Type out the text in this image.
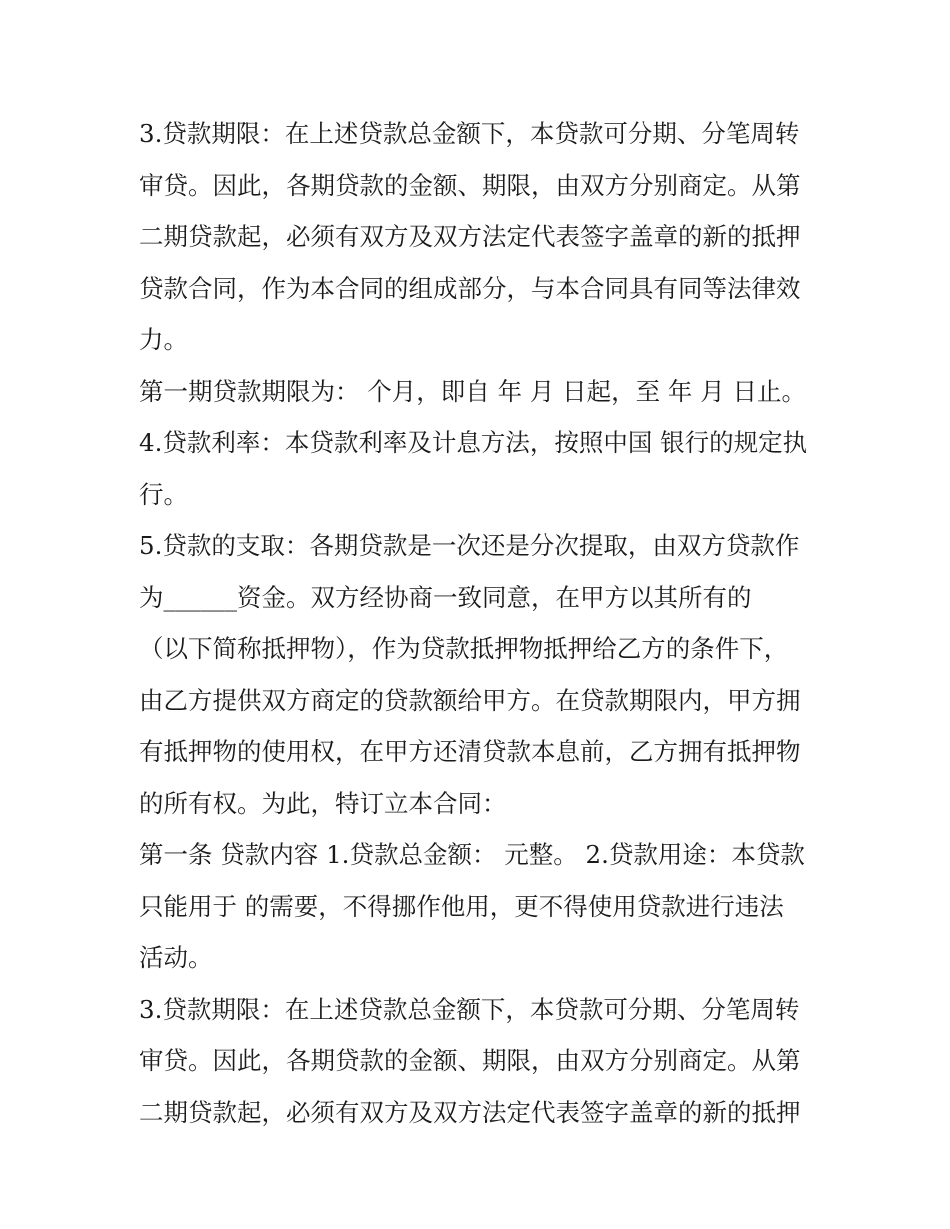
3.贷款期限：在上述贷款总金额下，本贷款可分期、分笔周转
审贷。因此，各期贷款的金额、期限，由双方分别商定。从第
二期贷款起，必须有双方及双方法定代表签字盖章的新的抵押
贷款合同，作为本合同的组成部分，与本合同具有同等法律效
力。
第一期贷款期限为： 个月，即自 年 月 日起，至 年 月 日止。
4.贷款利率：本贷款利率及计息方法，按照中国 银行的规定执
行。
5.贷款的支取：各期贷款是一次还是分次提取，由双方贷款作
为______资金。双方经协商一致同意，在甲方以其所有的
（以下简称抵押物），作为贷款抵押物抵押给乙方的条件下，
由乙方提供双方商定的贷款额给甲方。在贷款期限内，甲方拥
有抵押物的使用权，在甲方还清贷款本息前，乙方拥有抵押物
的所有权。为此，特订立本合同：
第一条 贷款内容 1.贷款总金额： 元整。 2.贷款用途：本贷款
只能用于 的需要，不得挪作他用，更不得使用贷款进行违法
活动。
3.贷款期限：在上述贷款总金额下，本贷款可分期、分笔周转
审贷。因此，各期贷款的金额、期限，由双方分别商定。从第
二期贷款起，必须有双方及双方法定代表签字盖章的新的抵押
